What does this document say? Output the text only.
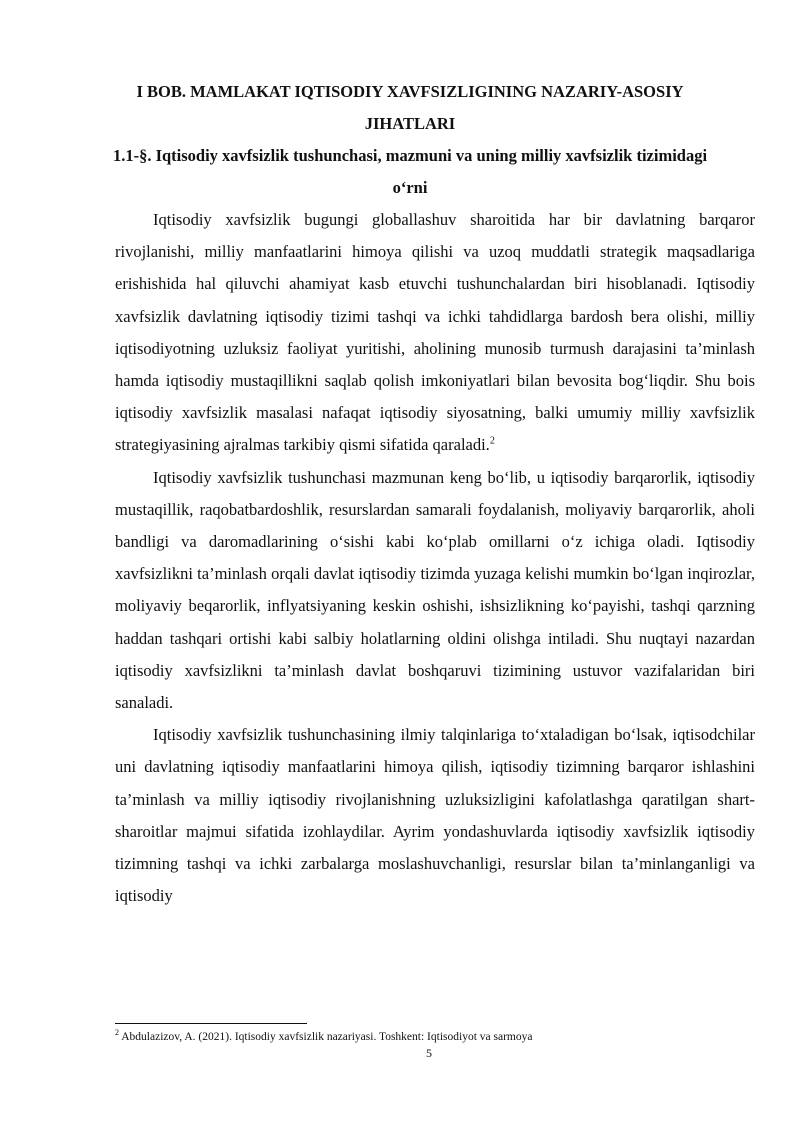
I BOB. MAMLAKAT IQTISODIY XAVFSIZLIGINING NAZARIY-ASOSIY JIHATLARI
1.1-§. Iqtisodiy xavfsizlik tushunchasi, mazmuni va uning milliy xavfsizlik tizimidagi o‘rni

Iqtisodiy xavfsizlik bugungi globallashuv sharoitida har bir davlatning barqaror rivojlanishi, milliy manfaatlarini himoya qilishi va uzoq muddatli strategik maqsadlariga erishishida hal qiluvchi ahamiyat kasb etuvchi tushunchalardan biri hisoblanadi. Iqtisodiy xavfsizlik davlatning iqtisodiy tizimi tashqi va ichki tahdidlarga bardosh bera olishi, milliy iqtisodiyotning uzluksiz faoliyat yuritishi, aholining munosib turmush darajasini ta’minlash hamda iqtisodiy mustaqillikni saqlab qolish imkoniyatlari bilan bevosita bog‘liqdir. Shu bois iqtisodiy xavfsizlik masalasi nafaqat iqtisodiy siyosatning, balki umumiy milliy xavfsizlik strategiyasining ajralmas tarkibiy qismi sifatida qaraladi.$^2$

Iqtisodiy xavfsizlik tushunchasi mazmunan keng bo‘lib, u iqtisodiy barqarorlik, iqtisodiy mustaqillik, raqobatbardoshlik, resurslardan samarali foydalanish, moliyaviy barqarorlik, aholi bandligi va daromadlarining o‘sishi kabi ko‘plab omillarni o‘z ichiga oladi. Iqtisodiy xavfsizlikni ta’minlash orqali davlat iqtisodiy tizimda yuzaga kelishi mumkin bo‘lgan inqirozlar, moliyaviy beqarorlik, inflyatsiyaning keskin oshishi, ishsizlikning ko‘payishi, tashqi qarzning haddan tashqari ortishi kabi salbiy holatlarning oldini olishga intiladi. Shu nuqtayi nazardan iqtisodiy xavfsizlikni ta’minlash davlat boshqaruvi tizimining ustuvor vazifalaridan biri sanaladi.

Iqtisodiy xavfsizlik tushunchasining ilmiy talqinlariga to‘xtaladigan bo‘lsak, iqtisodchilar uni davlatning iqtisodiy manfaatlarini himoya qilish, iqtisodiy tizimning barqaror ishlashini ta’minlash va milliy iqtisodiy rivojlanishning uzluksizligini kafolatlashga qaratilgan shart-sharoitlar majmui sifatida izohlaydilar. Ayrim yondashuvlarda iqtisodiy xavfsizlik iqtisodiy tizimning tashqi va ichki zarbalarga moslashuvchanligi, resurslar bilan ta’minlanganligi va iqtisodiy

$^2$ Abdulazizov, A. (2021). Iqtisodiy xavfsizlik nazariyasi. Toshkent: Iqtisodiyot va sarmoya

5
